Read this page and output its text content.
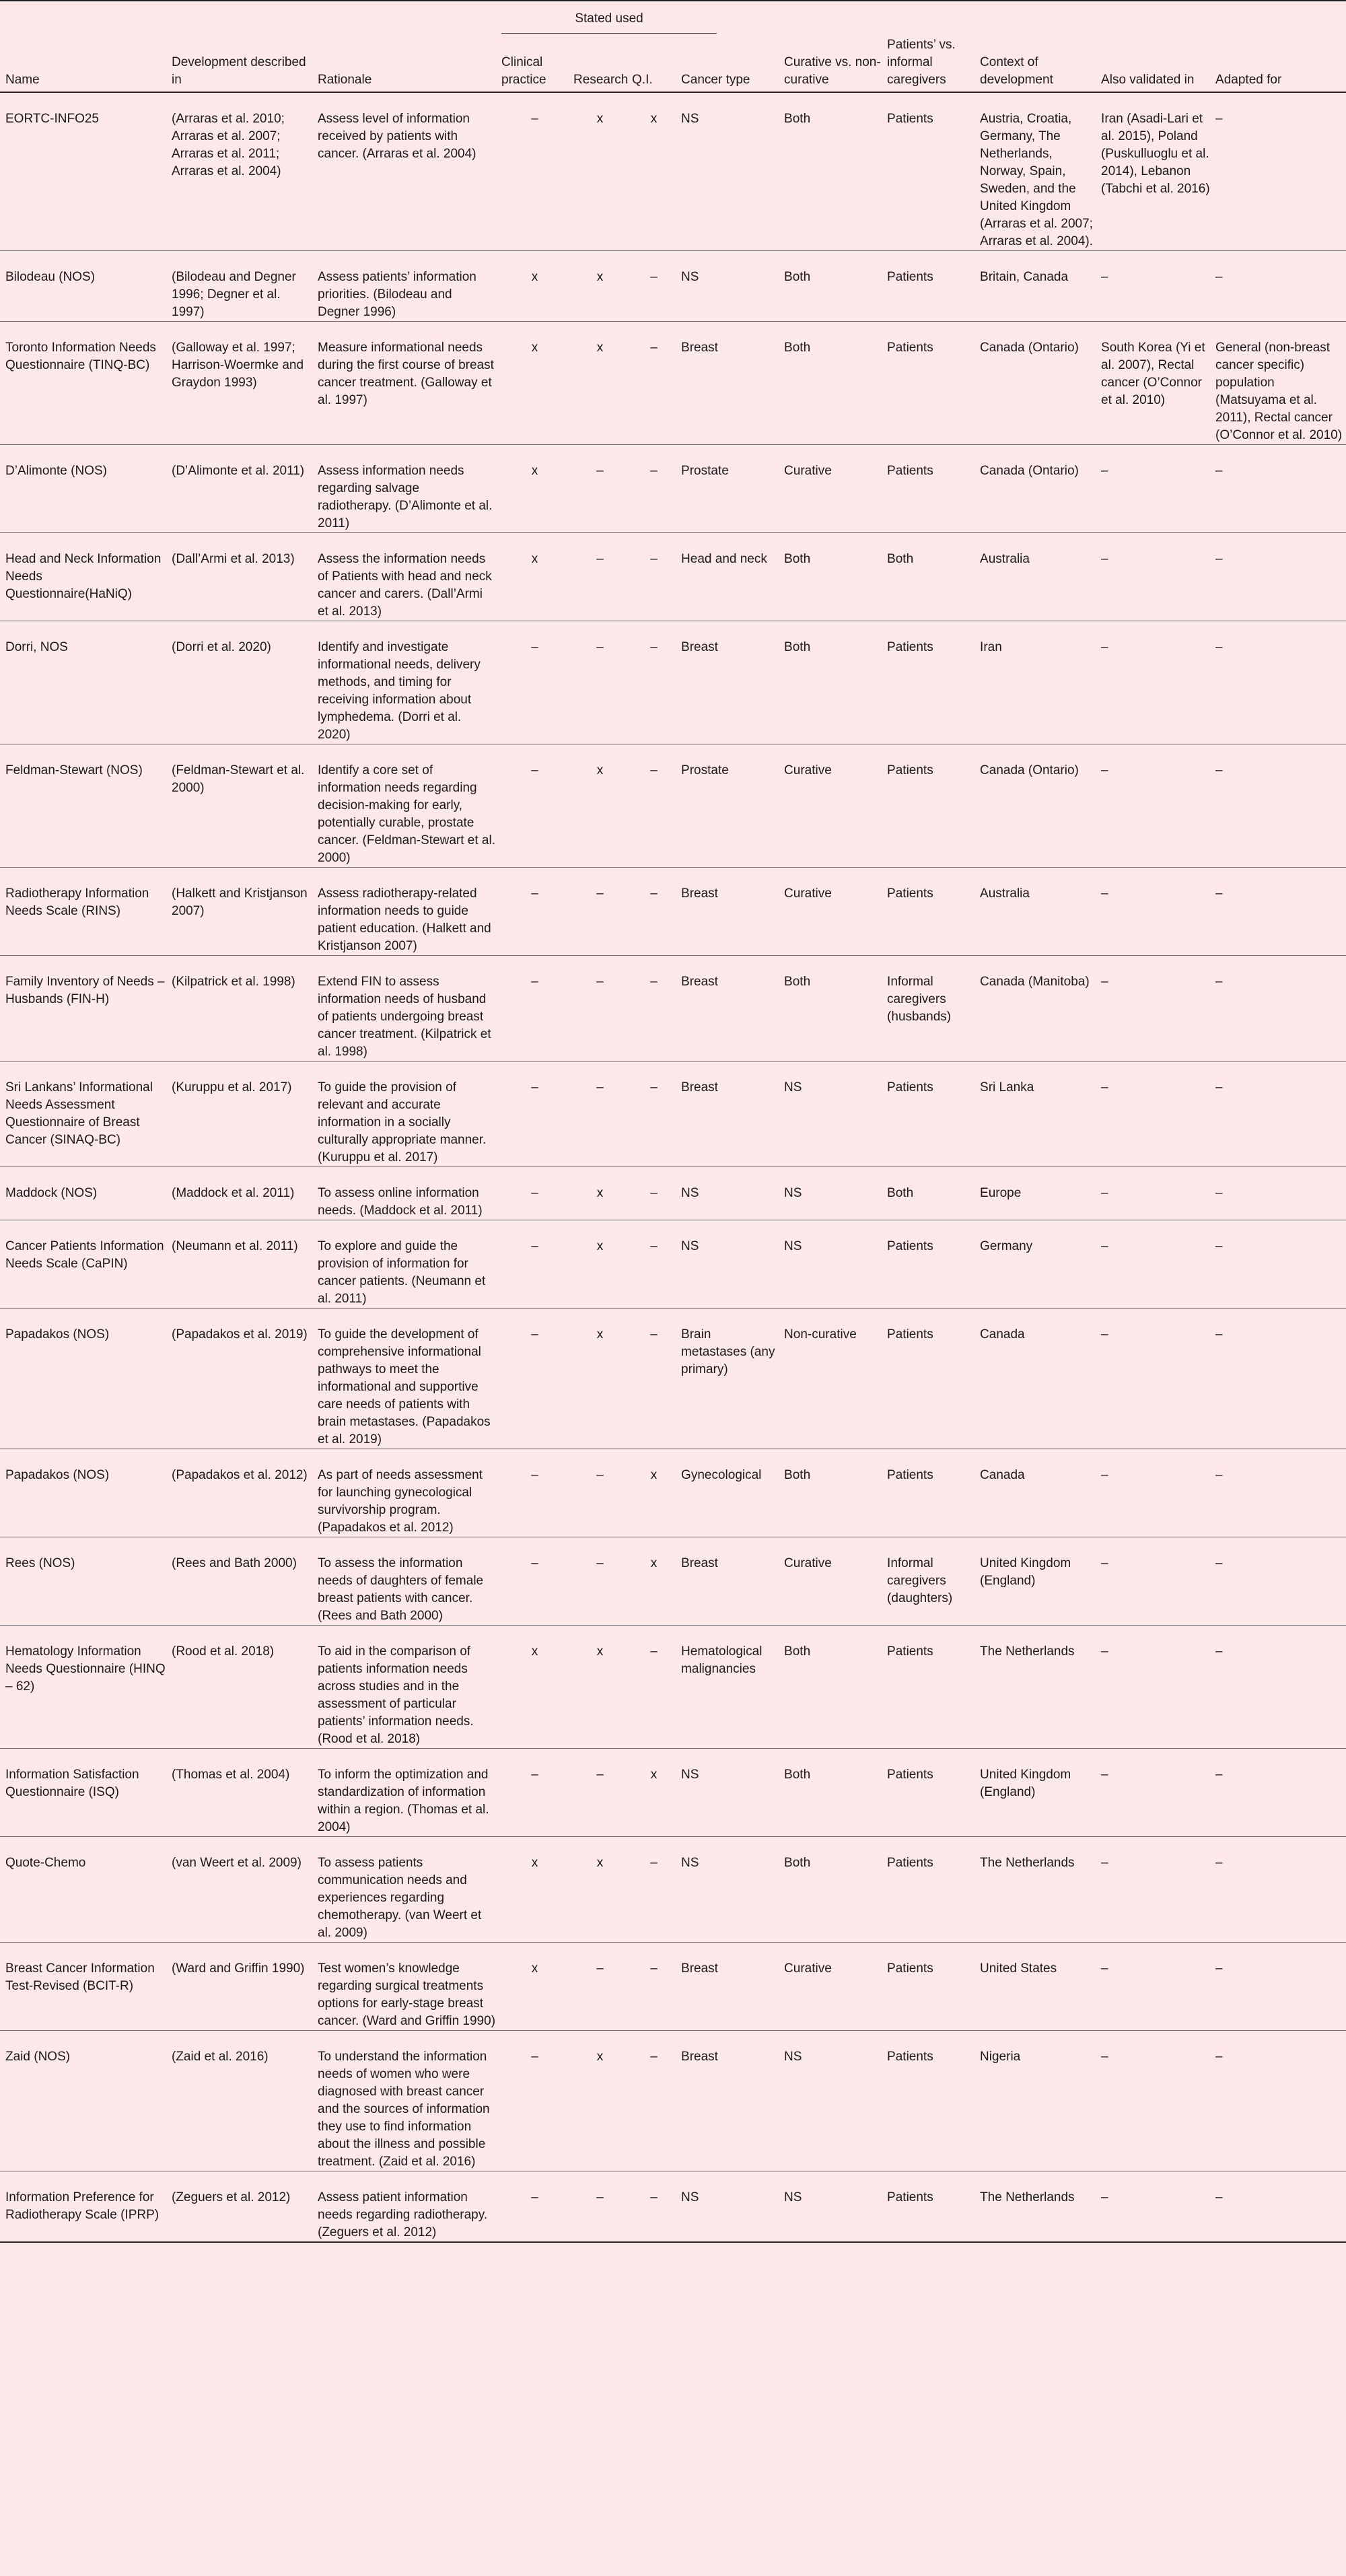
			Stated used								
Name	Development described in	Rationale	Clinical practice	Research	Q.I.	Cancer type	Curative vs. non-curative	Patients’ vs. informal caregivers	Context of development	Also validated in	Adapted for
EORTC-INFO25	(Arraras et al. 2010; Arraras et al. 2007; Arraras et al. 2011; Arraras et al. 2004)	Assess level of information received by patients with cancer. (Arraras et al. 2004)	–	x	x	NS	Both	Patients	Austria, Croatia, Germany, The Netherlands, Norway, Spain, Sweden, and the United Kingdom (Arraras et al. 2007; Arraras et al. 2004).	Iran (Asadi-Lari et al. 2015), Poland (Puskulluoglu et al. 2014), Lebanon (Tabchi et al. 2016)	–
Bilodeau (NOS)	(Bilodeau and Degner 1996; Degner et al. 1997)	Assess patients’ information priorities. (Bilodeau and Degner 1996)	x	x	–	NS	Both	Patients	Britain, Canada	–	–
Toronto Information Needs Questionnaire (TINQ-BC)	(Galloway et al. 1997; Harrison-Woermke and Graydon 1993)	Measure informational needs during the first course of breast cancer treatment. (Galloway et al. 1997)	x	x	–	Breast	Both	Patients	Canada (Ontario)	South Korea (Yi et al. 2007), Rectal cancer (O’Connor et al. 2010)	General (non-breast cancer specific) population (Matsuyama et al. 2011), Rectal cancer (O’Connor et al. 2010)
D’Alimonte (NOS)	(D’Alimonte et al. 2011)	Assess information needs regarding salvage radiotherapy. (D’Alimonte et al. 2011)	x	–	–	Prostate	Curative	Patients	Canada (Ontario)	–	–
Head and Neck Information Needs Questionnaire(HaNiQ)	(Dall’Armi et al. 2013)	Assess the information needs of Patients with head and neck cancer and carers. (Dall’Armi et al. 2013)	x	–	–	Head and neck	Both	Both	Australia	–	–
Dorri, NOS	(Dorri et al. 2020)	Identify and investigate informational needs, delivery methods, and timing for receiving information about lymphedema. (Dorri et al. 2020)	–	–	–	Breast	Both	Patients	Iran	–	–
Feldman-Stewart (NOS)	(Feldman-Stewart et al. 2000)	Identify a core set of information needs regarding decision-making for early, potentially curable, prostate cancer. (Feldman-Stewart et al. 2000)	–	x	–	Prostate	Curative	Patients	Canada (Ontario)	–	–
Radiotherapy Information Needs Scale (RINS)	(Halkett and Kristjanson 2007)	Assess radiotherapy-related information needs to guide patient education. (Halkett and Kristjanson 2007)	–	–	–	Breast	Curative	Patients	Australia	–	–
Family Inventory of Needs – Husbands (FIN-H)	(Kilpatrick et al. 1998)	Extend FIN to assess information needs of husband of patients undergoing breast cancer treatment. (Kilpatrick et al. 1998)	–	–	–	Breast	Both	Informal caregivers (husbands)	Canada (Manitoba)	–	–
Sri Lankans’ Informational Needs Assessment Questionnaire of Breast Cancer (SINAQ-BC)	(Kuruppu et al. 2017)	To guide the provision of relevant and accurate information in a socially culturally appropriate manner. (Kuruppu et al. 2017)	–	–	–	Breast	NS	Patients	Sri Lanka	–	–
Maddock (NOS)	(Maddock et al. 2011)	To assess online information needs. (Maddock et al. 2011)	–	x	–	NS	NS	Both	Europe	–	–
Cancer Patients Information Needs Scale (CaPIN)	(Neumann et al. 2011)	To explore and guide the provision of information for cancer patients. (Neumann et al. 2011)	–	x	–	NS	NS	Patients	Germany	–	–
Papadakos (NOS)	(Papadakos et al. 2019)	To guide the development of comprehensive informational pathways to meet the informational and supportive care needs of patients with brain metastases. (Papadakos et al. 2019)	–	x	–	Brain metastases (any primary)	Non-curative	Patients	Canada	–	–
Papadakos (NOS)	(Papadakos et al. 2012)	As part of needs assessment for launching gynecological survivorship program. (Papadakos et al. 2012)	–	–	x	Gynecological	Both	Patients	Canada	–	–
Rees (NOS)	(Rees and Bath 2000)	To assess the information needs of daughters of female breast patients with cancer. (Rees and Bath 2000)	–	–	x	Breast	Curative	Informal caregivers (daughters)	United Kingdom (England)	–	–
Hematology Information Needs Questionnaire (HINQ – 62)	(Rood et al. 2018)	To aid in the comparison of patients information needs across studies and in the assessment of particular patients’ information needs. (Rood et al. 2018)	x	x	–	Hematological malignancies	Both	Patients	The Netherlands	–	–
Information Satisfaction Questionnaire (ISQ)	(Thomas et al. 2004)	To inform the optimization and standardization of information within a region. (Thomas et al. 2004)	–	–	x	NS	Both	Patients	United Kingdom (England)	–	–
Quote-Chemo	(van Weert et al. 2009)	To assess patients communication needs and experiences regarding chemotherapy. (van Weert et al. 2009)	x	x	–	NS	Both	Patients	The Netherlands	–	–
Breast Cancer Information Test-Revised (BCIT-R)	(Ward and Griffin 1990)	Test women’s knowledge regarding surgical treatments options for early-stage breast cancer. (Ward and Griffin 1990)	x	–	–	Breast	Curative	Patients	United States	–	–
Zaid (NOS)	(Zaid et al. 2016)	To understand the information needs of women who were diagnosed with breast cancer and the sources of information they use to find information about the illness and possible treatment. (Zaid et al. 2016)	–	x	–	Breast	NS	Patients	Nigeria	–	–
Information Preference for Radiotherapy Scale (IPRP)	(Zeguers et al. 2012)	Assess patient information needs regarding radiotherapy. (Zeguers et al. 2012)	–	–	–	NS	NS	Patients	The Netherlands	–	–
